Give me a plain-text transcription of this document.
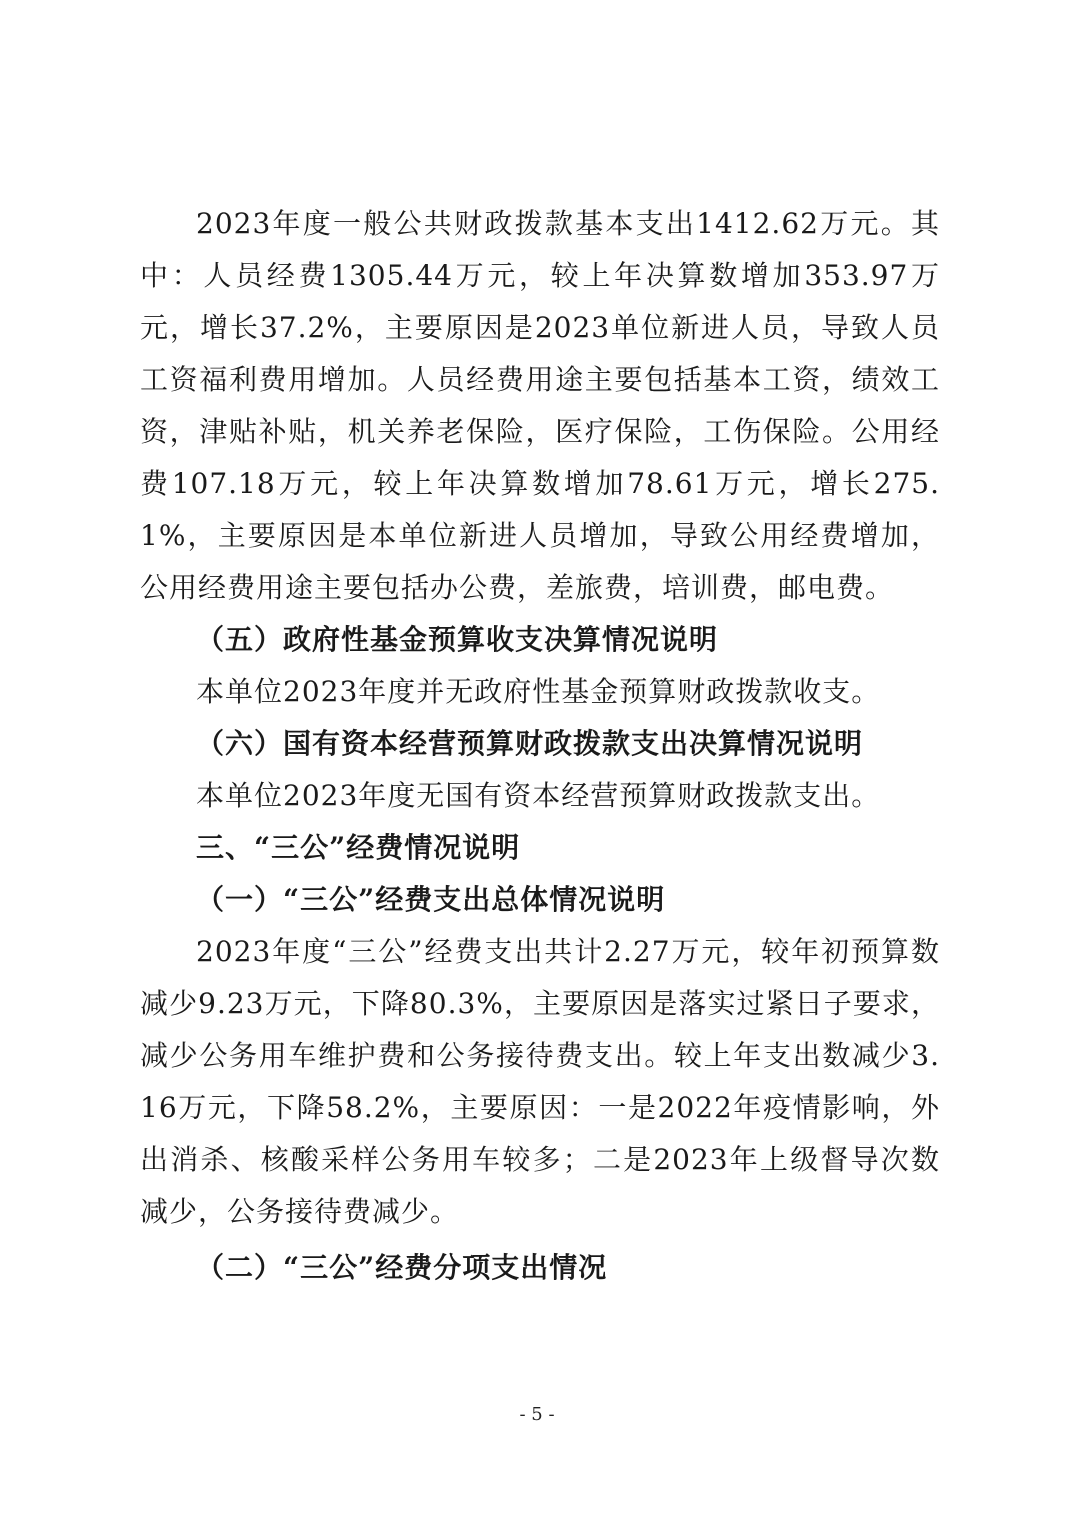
2023年度一般公共财政拨款基本支出1412.62万元。其中：人员经费1305.44万元，较上年决算数增加353.97万元，增长37.2%，主要原因是2023单位新进人员，导致人员工资福利费用增加。人员经费用途主要包括基本工资，绩效工资，津贴补贴，机关养老保险，医疗保险，工伤保险。公用经费107.18万元，较上年决算数增加78.61万元，增长275.1%，主要原因是本单位新进人员增加，导致公用经费增加，公用经费用途主要包括办公费，差旅费，培训费，邮电费。

（五）政府性基金预算收支决算情况说明

本单位2023年度并无政府性基金预算财政拨款收支。

（六）国有资本经营预算财政拨款支出决算情况说明

本单位2023年度无国有资本经营预算财政拨款支出。

三、“三公”经费情况说明

（一）“三公”经费支出总体情况说明

2023年度“三公”经费支出共计2.27万元，较年初预算数减少9.23万元，下降80.3%，主要原因是落实过紧日子要求，减少公务用车维护费和公务接待费支出。较上年支出数减少3.16万元，下降58.2%，主要原因：一是2022年疫情影响，外出消杀、核酸采样公务用车较多；二是2023年上级督导次数减少，公务接待费减少。

（二）“三公”经费分项支出情况

- 5 -
